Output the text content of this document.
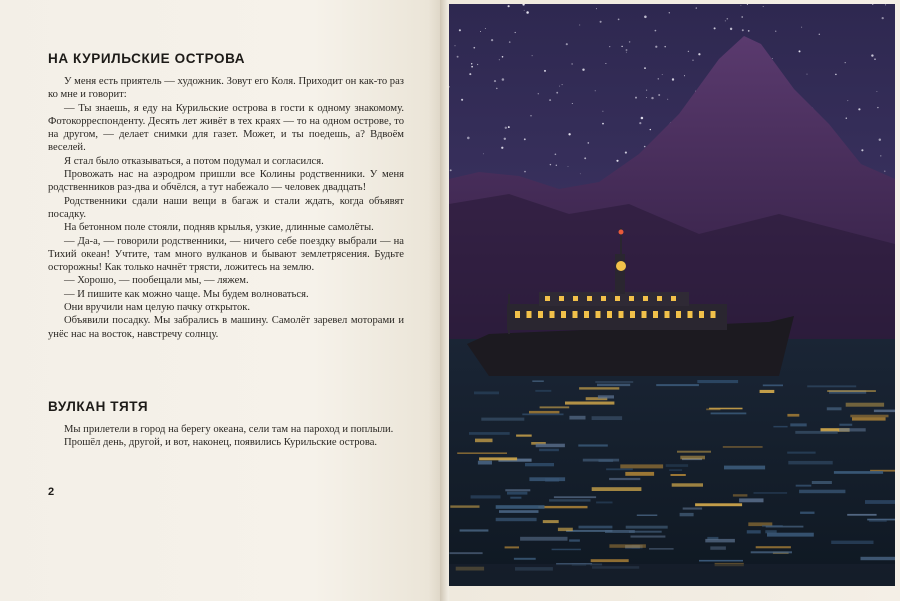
НА КУРИЛЬСКИЕ ОСТРОВА

У меня есть приятель — художник. Зовут его Коля. Приходит он как-то раз ко мне и говорит:

— Ты знаешь, я еду на Курильские острова в гости к одному знакомому. Фотокорреспонденту. Десять лет живёт в тех краях — то на одном острове, то на другом, — делает снимки для газет. Может, и ты поедешь, а? Вдвоём веселей.

Я стал было отказываться, а потом подумал и согласился.

Провожать нас на аэродром пришли все Колины родственники. У меня родственников раз-два и обчёлся, а тут набежало — человек двадцать!

Родственники сдали наши вещи в багаж и стали ждать, когда объявят посадку.

На бетонном поле стояли, подняв крылья, узкие, длинные самолёты.

— Да-а, — говорили родственники, — ничего себе поездку выбрали — на Тихий океан! Учтите, там много вулканов и бывают землетрясения. Будьте осторожны! Как только начнёт трясти, ложитесь на землю.

— Хорошо, — пообещали мы, — ляжем.

— И пишите как можно чаще. Мы будем волноваться.

Они вручили нам целую пачку открыток.

Объявили посадку. Мы забрались в машину. Самолёт заревел моторами и унёс нас на восток, навстречу солнцу.

ВУЛКАН ТЯТЯ

Мы прилетели в город на берегу океана, сели там на пароход и поплыли.

Прошёл день, другой, и вот, наконец, появились Курильские острова.

2
